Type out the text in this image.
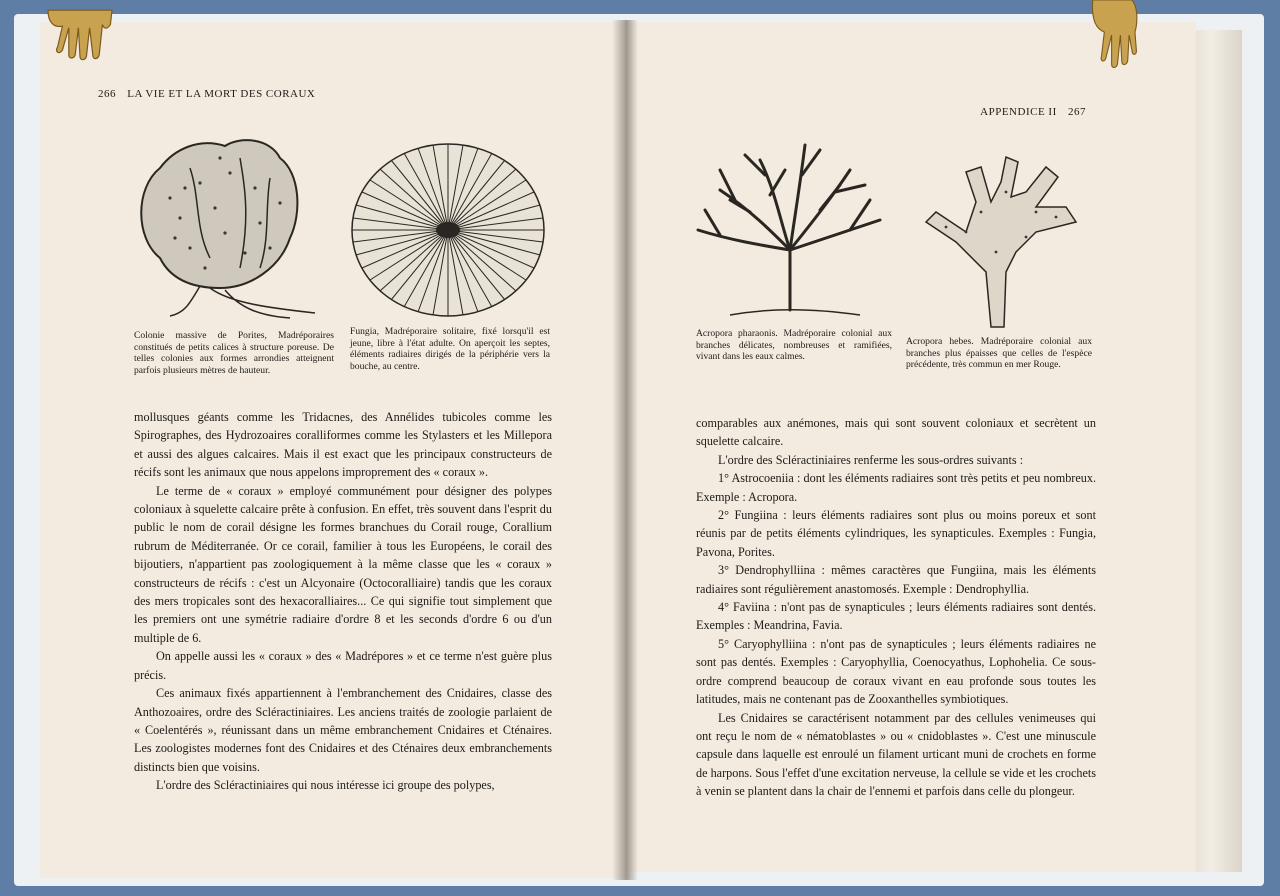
266 LA VIE ET LA MORT DES CORAUX
Colonie massive de Porites, Madréporaires constitués de petits calices à structure poreuse. De telles colonies aux formes arrondies atteignent parfois plusieurs mètres de hauteur.
Fungia, Madréporaire solitaire, fixé lorsqu'il est jeune, libre à l'état adulte. On aperçoit les septes, éléments radiaires dirigés de la périphérie vers la bouche, au centre.

mollusques géants comme les Tridacnes, des Annélides tubicoles comme les Spirographes, des Hydrozoaires coralliformes comme les Stylasters et les Millepora et aussi des algues calcaires. Mais il est exact que les principaux constructeurs de récifs sont les animaux que nous appelons improprement des « coraux ».

Le terme de « coraux » employé communément pour désigner des polypes coloniaux à squelette calcaire prête à confusion. En effet, très souvent dans l'esprit du public le nom de corail désigne les formes branchues du Corail rouge, Corallium rubrum de Méditerranée. Or ce corail, familier à tous les Européens, le corail des bijoutiers, n'appartient pas zoologiquement à la même classe que les « coraux » constructeurs de récifs : c'est un Alcyonaire (Octocoralliaire) tandis que les coraux des mers tropicales sont des hexacoralliaires... Ce qui signifie tout simplement que les premiers ont une symétrie radiaire d'ordre 8 et les seconds d'ordre 6 ou d'un multiple de 6.

On appelle aussi les « coraux » des « Madrépores » et ce terme n'est guère plus précis.

Ces animaux fixés appartiennent à l'embranchement des Cnidaires, classe des Anthozoaires, ordre des Scléractiniaires. Les anciens traités de zoologie parlaient de « Coelentérés », réunissant dans un même embranchement Cnidaires et Cténaires. Les zoologistes modernes font des Cnidaires et des Cténaires deux embranchements distincts bien que voisins.

L'ordre des Scléractiniaires qui nous intéresse ici groupe des polypes,

APPENDICE II 267
Acropora pharaonis. Madréporaire colonial aux branches délicates, nombreuses et ramifiées, vivant dans les eaux calmes.
Acropora hebes. Madréporaire colonial aux branches plus épaisses que celles de l'espèce précédente, très commun en mer Rouge.

comparables aux anémones, mais qui sont souvent coloniaux et secrètent un squelette calcaire.

L'ordre des Scléractiniaires renferme les sous-ordres suivants :

1° Astrocoeniia : dont les éléments radiaires sont très petits et peu nombreux. Exemple : Acropora.

2° Fungiina : leurs éléments radiaires sont plus ou moins poreux et sont réunis par de petits éléments cylindriques, les synapticules. Exemples : Fungia, Pavona, Porites.

3° Dendrophylliina : mêmes caractères que Fungiina, mais les éléments radiaires sont régulièrement anastomosés. Exemple : Dendrophyllia.

4° Faviina : n'ont pas de synapticules ; leurs éléments radiaires sont dentés. Exemples : Meandrina, Favia.

5° Caryophylliina : n'ont pas de synapticules ; leurs éléments radiaires ne sont pas dentés. Exemples : Caryophyllia, Coenocyathus, Lophohelia. Ce sous-ordre comprend beaucoup de coraux vivant en eau profonde sous toutes les latitudes, mais ne contenant pas de Zooxanthelles symbiotiques.

Les Cnidaires se caractérisent notamment par des cellules venimeuses qui ont reçu le nom de « nématoblastes » ou « cnidoblastes ». C'est une minuscule capsule dans laquelle est enroulé un filament urticant muni de crochets en forme de harpons. Sous l'effet d'une excitation nerveuse, la cellule se vide et les crochets à venin se plantent dans la chair de l'ennemi et parfois dans celle du plongeur.
